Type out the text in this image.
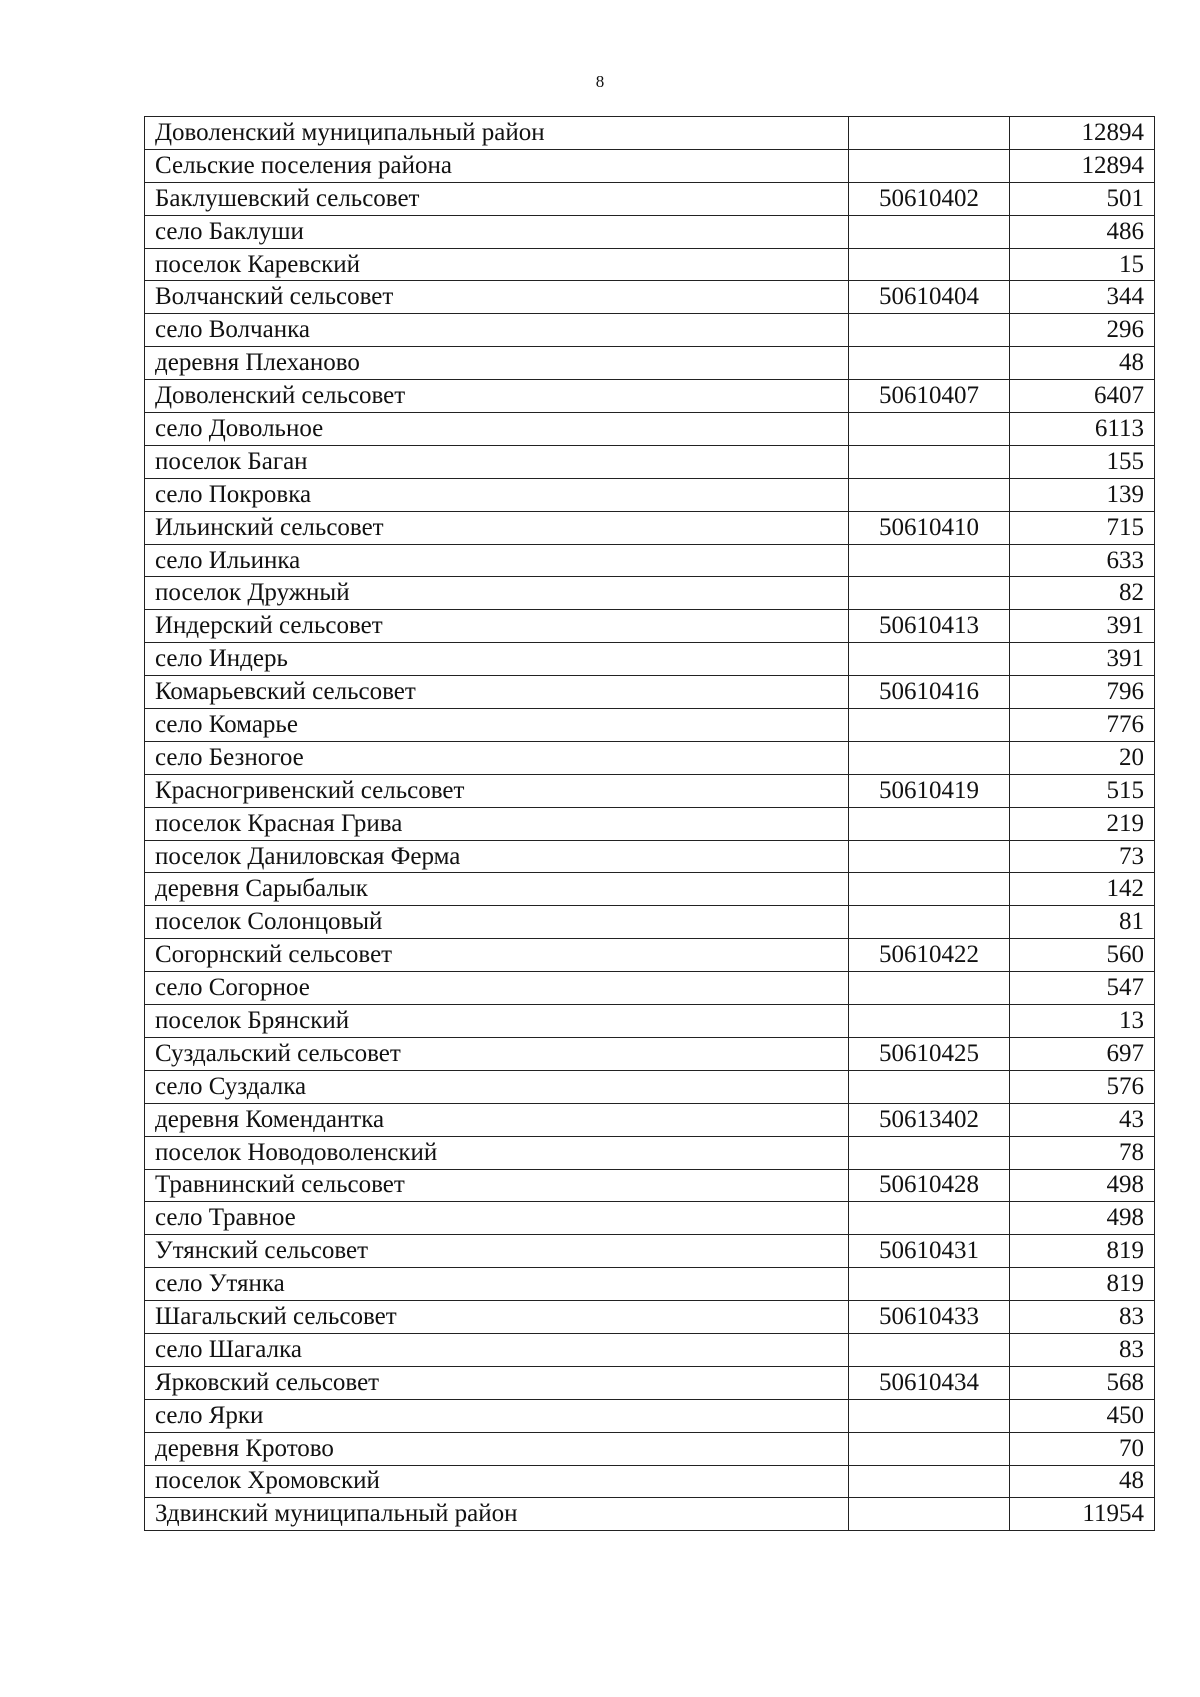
8
Доволенский муниципальный район		12894
Сельские поселения района		12894
Баклушевский сельсовет	50610402	501
село Баклуши		486
поселок Каревский		15
Волчанский сельсовет	50610404	344
село Волчанка		296
деревня Плеханово		48
Доволенский сельсовет	50610407	6407
село Довольное		6113
поселок Баган		155
село Покровка		139
Ильинский сельсовет	50610410	715
село Ильинка		633
поселок Дружный		82
Индерский сельсовет	50610413	391
село Индерь		391
Комарьевский сельсовет	50610416	796
село Комарье		776
село Безногое		20
Красногривенский сельсовет	50610419	515
поселок Красная Грива		219
поселок Даниловская Ферма		73
деревня Сарыбалык		142
поселок Солонцовый		81
Согорнский сельсовет	50610422	560
село Согорное		547
поселок Брянский		13
Суздальский сельсовет	50610425	697
село Суздалка		576
деревня Комендантка	50613402	43
поселок Новодоволенский		78
Травнинский сельсовет	50610428	498
село Травное		498
Утянский сельсовет	50610431	819
село Утянка		819
Шагальский сельсовет	50610433	83
село Шагалка		83
Ярковский сельсовет	50610434	568
село Ярки		450
деревня Кротово		70
поселок Хромовский		48
Здвинский муниципальный район		11954
